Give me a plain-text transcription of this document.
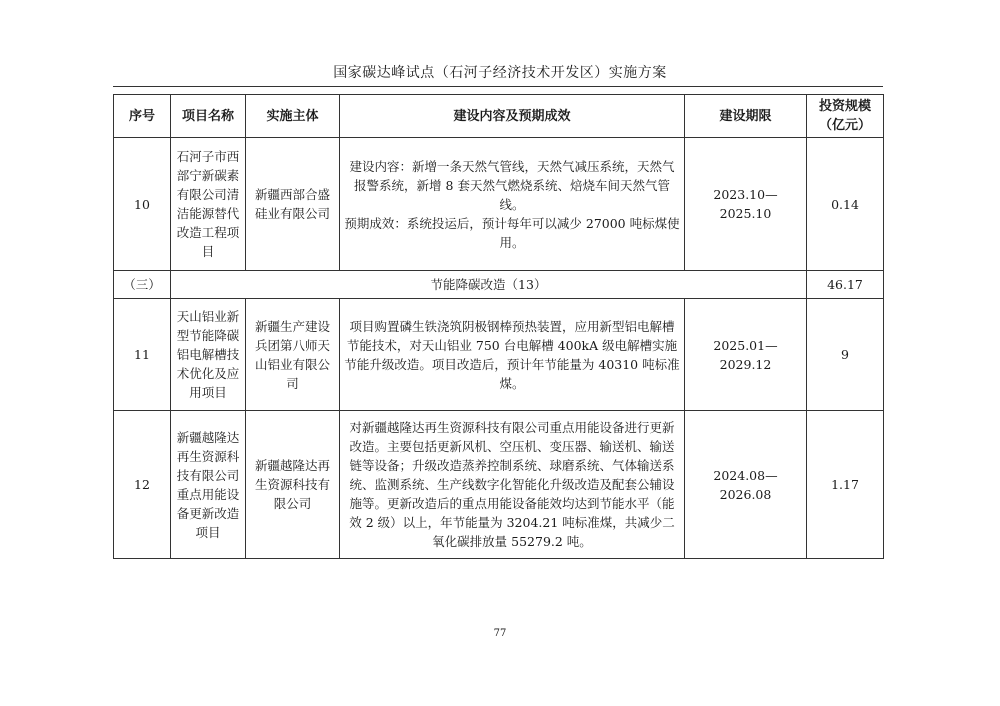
国家碳达峰试点（石河子经济技术开发区）实施方案
序号	项目名称	实施主体	建设内容及预期成效	建设期限	投资规模（亿元）
10	石河子市西部宁新碳素有限公司清洁能源替代改造工程项目	新疆西部合盛硅业有限公司	建设内容：新增一条天然气管线，天然气减压系统，天然气报警系统，新增 8 套天然气燃烧系统、焙烧车间天然气管线。
预期成效：系统投运后，预计每年可以减少 27000 吨标煤使用。	2023.10—2025.10	0.14
（三）	节能降碳改造（13）				46.17
11	天山铝业新型节能降碳铝电解槽技术优化及应用项目	新疆生产建设兵团第八师天山铝业有限公司	项目购置磷生铁浇筑阴极钢棒预热装置，应用新型铝电解槽节能技术，对天山铝业 750 台电解槽 400kA 级电解槽实施节能升级改造。项目改造后，预计年节能量为 40310 吨标准煤。	2025.01—2029.12	9
12	新疆越隆达再生资源科技有限公司重点用能设备更新改造项目	新疆越隆达再生资源科技有限公司	对新疆越隆达再生资源科技有限公司重点用能设备进行更新改造。主要包括更新风机、空压机、变压器、输送机、输送链等设备；升级改造蒸养控制系统、球磨系统、气体输送系统、监测系统、生产线数字化智能化升级改造及配套公辅设施等。更新改造后的重点用能设备能效均达到节能水平（能效 2 级）以上，年节能量为 3204.21 吨标准煤，共减少二氧化碳排放量 55279.2 吨。	2024.08—2026.08	1.17
77
